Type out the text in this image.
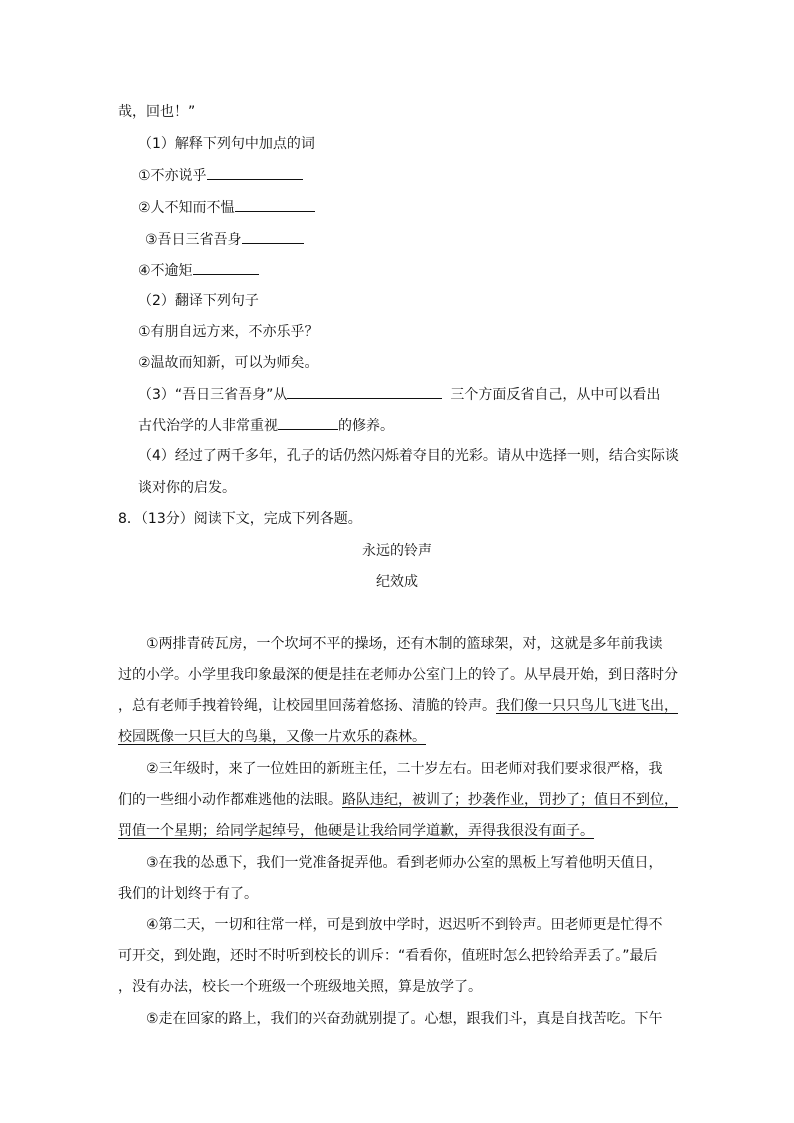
哉，回也！”
（1）解释下列句中加点的词
①不亦说乎
②人不知而不愠
③吾日三省吾身
④不逾矩
（2）翻译下列句子
①有朋自远方来，不亦乐乎？
②温故而知新，可以为师矣。
（3）“吾日三省吾身”从	三个方面反省自己，从中可以看出
古代治学的人非常重视	的修养。
（4）经过了两千多年，孔子的话仍然闪烁着夺目的光彩。请从中选择一则，结合实际谈
谈对你的启发。
8．（13分）阅读下文，完成下列各题。
永远的铃声
纪效成
①两排青砖瓦房，一个坎坷不平的操场，还有木制的篮球架，对，这就是多年前我读
过的小学。小学里我印象最深的便是挂在老师办公室门上的铃了。从早晨开始，到日落时分
，总有老师手拽着铃绳，让校园里回荡着悠扬、清脆的铃声。我们像一只只鸟儿飞进飞出，
校园既像一只巨大的鸟巢，又像一片欢乐的森林。
②三年级时，来了一位姓田的新班主任，二十岁左右。田老师对我们要求很严格，我
们的一些细小动作都难逃他的法眼。路队违纪，被训了；抄袭作业，罚抄了；值日不到位，
罚值一个星期；给同学起绰号，他硬是让我给同学道歉，弄得我很没有面子。
③在我的怂恿下，我们一党准备捉弄他。看到老师办公室的黑板上写着他明天值日，
我们的计划终于有了。
④第二天，一切和往常一样，可是到放中学时，迟迟听不到铃声。田老师更是忙得不
可开交，到处跑，还时不时听到校长的训斥：“看看你，值班时怎么把铃给弄丢了。”最后
，没有办法，校长一个班级一个班级地关照，算是放学了。
⑤走在回家的路上，我们的兴奋劲就别提了。心想，跟我们斗，真是自找苦吃。下午
